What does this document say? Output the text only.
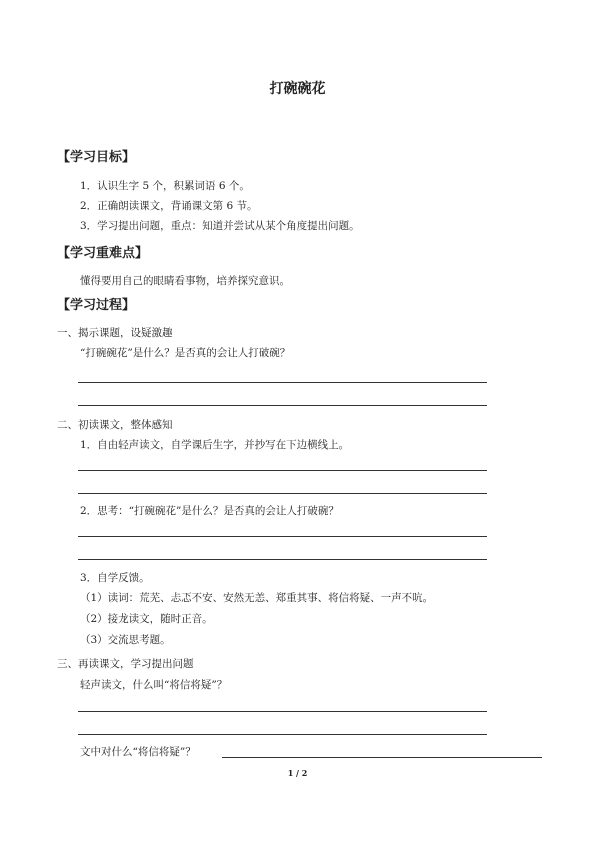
打碗碗花
【学习目标】
1．认识生字 5 个，积累词语 6 个。
2．正确朗读课文，背诵课文第 6 节。
3．学习提出问题，重点：知道并尝试从某个角度提出问题。
【学习重难点】
懂得要用自己的眼睛看事物，培养探究意识。
【学习过程】
一、揭示课题，设疑激趣
“打碗碗花”是什么？是否真的会让人打破碗？
二、初读课文，整体感知
1．自由轻声读文，自学课后生字，并抄写在下边横线上。
2．思考：“打碗碗花”是什么？是否真的会让人打破碗？
3．自学反馈。
（1）读词：荒芜、忐忑不安、安然无恙、郑重其事、将信将疑、一声不吭。
（2）接龙读文，随时正音。
（3）交流思考题。
三、再读课文，学习提出问题
轻声读文，什么叫“将信将疑”？
文中对什么“将信将疑”？
1 / 2
